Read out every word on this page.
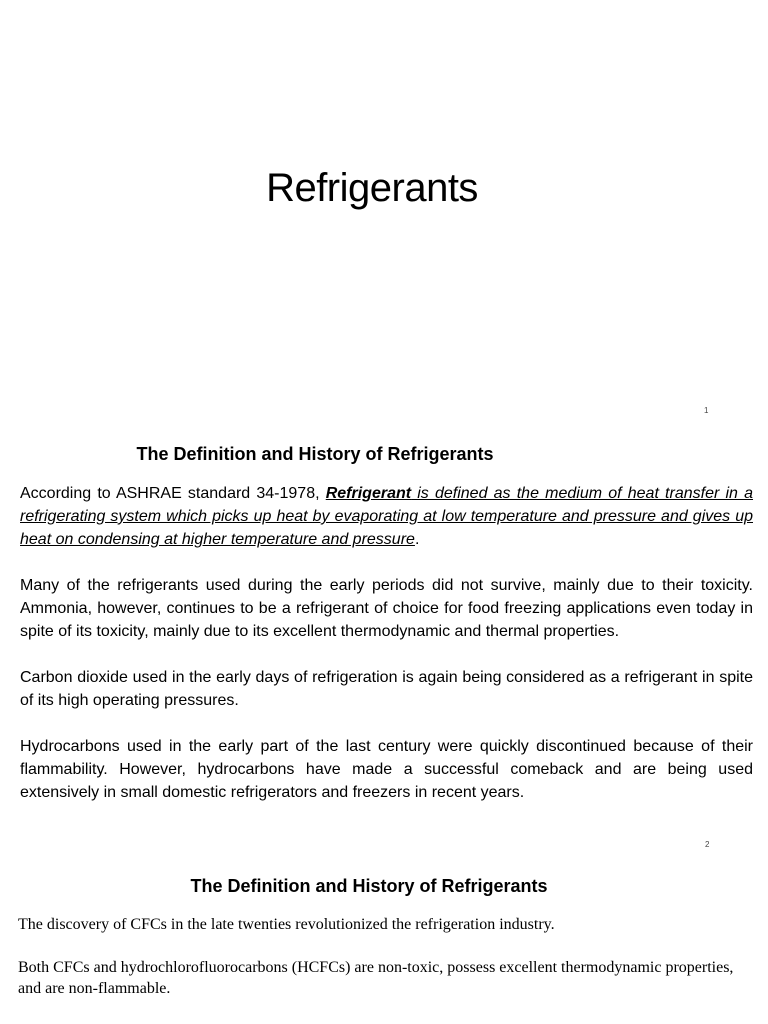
Refrigerants
1
The Definition and History of Refrigerants

According to ASHRAE standard 34-1978, Refrigerant is defined as the medium of heat transfer in a refrigerating system which picks up heat by evaporating at low temperature and pressure and gives up heat on condensing at higher temperature and pressure.

Many of the refrigerants used during the early periods did not survive, mainly due to their toxicity. Ammonia, however, continues to be a refrigerant of choice for food freezing applications even today in spite of its toxicity, mainly due to its excellent thermodynamic and thermal properties.

Carbon dioxide used in the early days of refrigeration is again being considered as a refrigerant in spite of its high operating pressures.

Hydrocarbons used in the early part of the last century were quickly discontinued because of their flammability. However, hydrocarbons have made a successful comeback and are being used extensively in small domestic refrigerators and freezers in recent years.

2
The Definition and History of Refrigerants

The discovery of CFCs in the late twenties revolutionized the refrigeration industry.

Both CFCs and hydrochlorofluorocarbons (HCFCs) are non-toxic, possess excellent thermodynamic properties, and are non-flammable.
